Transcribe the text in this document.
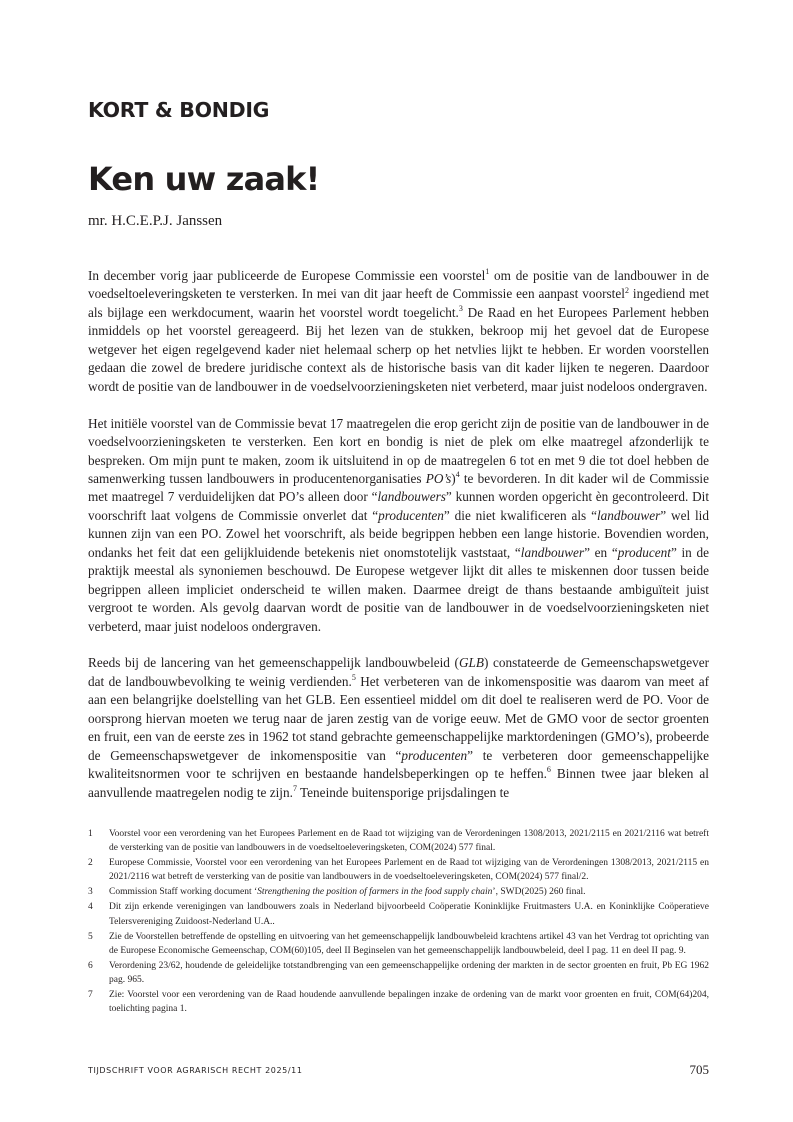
KORT & BONDIG
Ken uw zaak!

mr. H.C.E.P.J. Janssen

In december vorig jaar publiceerde de Europese Commissie een voorstel$^1$ om de positie van de landbouwer in de voedseltoeleveringsketen te versterken. In mei van dit jaar heeft de Commissie een aanpast voorstel$^2$ ingediend met als bijlage een werkdocument, waarin het voorstel wordt toegelicht.$^3$ De Raad en het Europees Parlement hebben inmiddels op het voorstel gereageerd. Bij het lezen van de stukken, bekroop mij het gevoel dat de Europese wetgever het eigen regelgevend kader niet helemaal scherp op het netvlies lijkt te hebben. Er worden voorstellen gedaan die zowel de bredere juridische context als de historische basis van dit kader lijken te negeren. Daardoor wordt de positie van de landbouwer in de voedselvoorzieningsketen niet verbeterd, maar juist nodeloos ondergraven.

Het initiële voorstel van de Commissie bevat 17 maatregelen die erop gericht zijn de positie van de landbouwer in de voedselvoorzieningsketen te versterken. Een kort en bondig is niet de plek om elke maatregel afzonderlijk te bespreken. Om mijn punt te maken, zoom ik uitsluitend in op de maatregelen 6 tot en met 9 die tot doel hebben de samenwerking tussen landbouwers in producentenorganisaties PO’s)$^4$ te bevorderen. In dit kader wil de Commissie met maatregel 7 verduidelijken dat PO’s alleen door “landbouwers” kunnen worden opgericht èn gecontroleerd. Dit voorschrift laat volgens de Commissie onverlet dat “producenten” die niet kwalificeren als “landbouwer” wel lid kunnen zijn van een PO. Zowel het voorschrift, als beide begrippen hebben een lange historie. Bovendien worden, ondanks het feit dat een gelijkluidende betekenis niet onomstotelijk vaststaat, “landbouwer” en “producent” in de praktijk meestal als synoniemen beschouwd. De Europese wetgever lijkt dit alles te miskennen door tussen beide begrippen alleen impliciet onderscheid te willen maken. Daarmee dreigt de thans bestaande ambiguïteit juist vergroot te worden. Als gevolg daarvan wordt de positie van de landbouwer in de voedselvoorzieningsketen niet verbeterd, maar juist nodeloos ondergraven.

Reeds bij de lancering van het gemeenschappelijk landbouwbeleid (GLB) constateerde de Gemeenschapswetgever dat de landbouwbevolking te weinig verdienden.$^5$ Het verbeteren van de inkomenspositie was daarom van meet af aan een belangrijke doelstelling van het GLB. Een essentieel middel om dit doel te realiseren werd de PO. Voor de oorsprong hiervan moeten we terug naar de jaren zestig van de vorige eeuw. Met de GMO voor de sector groenten en fruit, een van de eerste zes in 1962 tot stand gebrachte gemeenschappelijke marktordeningen (GMO’s), probeerde de Gemeenschapswetgever de inkomenspositie van “producenten” te verbeteren door gemeenschappelijke kwaliteitsnormen voor te schrijven en bestaande handelsbeperkingen op te heffen.$^6$ Binnen twee jaar bleken al aanvullende maatregelen nodig te zijn.$^7$ Teneinde buitensporige prijsdalingen te

1 Voorstel voor een verordening van het Europees Parlement en de Raad tot wijziging van de Verordeningen 1308/2013, 2021/2115 en 2021/2116 wat betreft de versterking van de positie van landbouwers in de voedseltoeleveringsketen, COM(2024) 577 final.
2 Europese Commissie, Voorstel voor een verordening van het Europees Parlement en de Raad tot wijziging van de Verordeningen 1308/2013, 2021/2115 en 2021/2116 wat betreft de versterking van de positie van landbouwers in de voedseltoeleveringsketen, COM(2024) 577 final/2.
3 Commission Staff working document ‘Strengthening the position of farmers in the food supply chain’, SWD(2025) 260 final.
4 Dit zijn erkende verenigingen van landbouwers zoals in Nederland bijvoorbeeld Coöperatie Koninklijke Fruitmasters U.A. en Koninklijke Coöperatieve Telersvereniging Zuidoost-Nederland U.A..
5 Zie de Voorstellen betreffende de opstelling en uitvoering van het gemeenschappelijk landbouwbeleid krachtens artikel 43 van het Verdrag tot oprichting van de Europese Economische Gemeenschap, COM(60)105, deel II Beginselen van het gemeenschappelijk landbouwbeleid, deel I pag. 11 en deel II pag. 9.
6 Verordening 23/62, houdende de geleidelijke totstandbrenging van een gemeenschappelijke ordening der markten in de sector groenten en fruit, Pb EG 1962 pag. 965.
7 Zie: Voorstel voor een verordening van de Raad houdende aanvullende bepalingen inzake de ordening van de markt voor groenten en fruit, COM(64)204, toelichting pagina 1.
TIJDSCHRIFT VOOR AGRARISCH RECHT 2025/11	705
